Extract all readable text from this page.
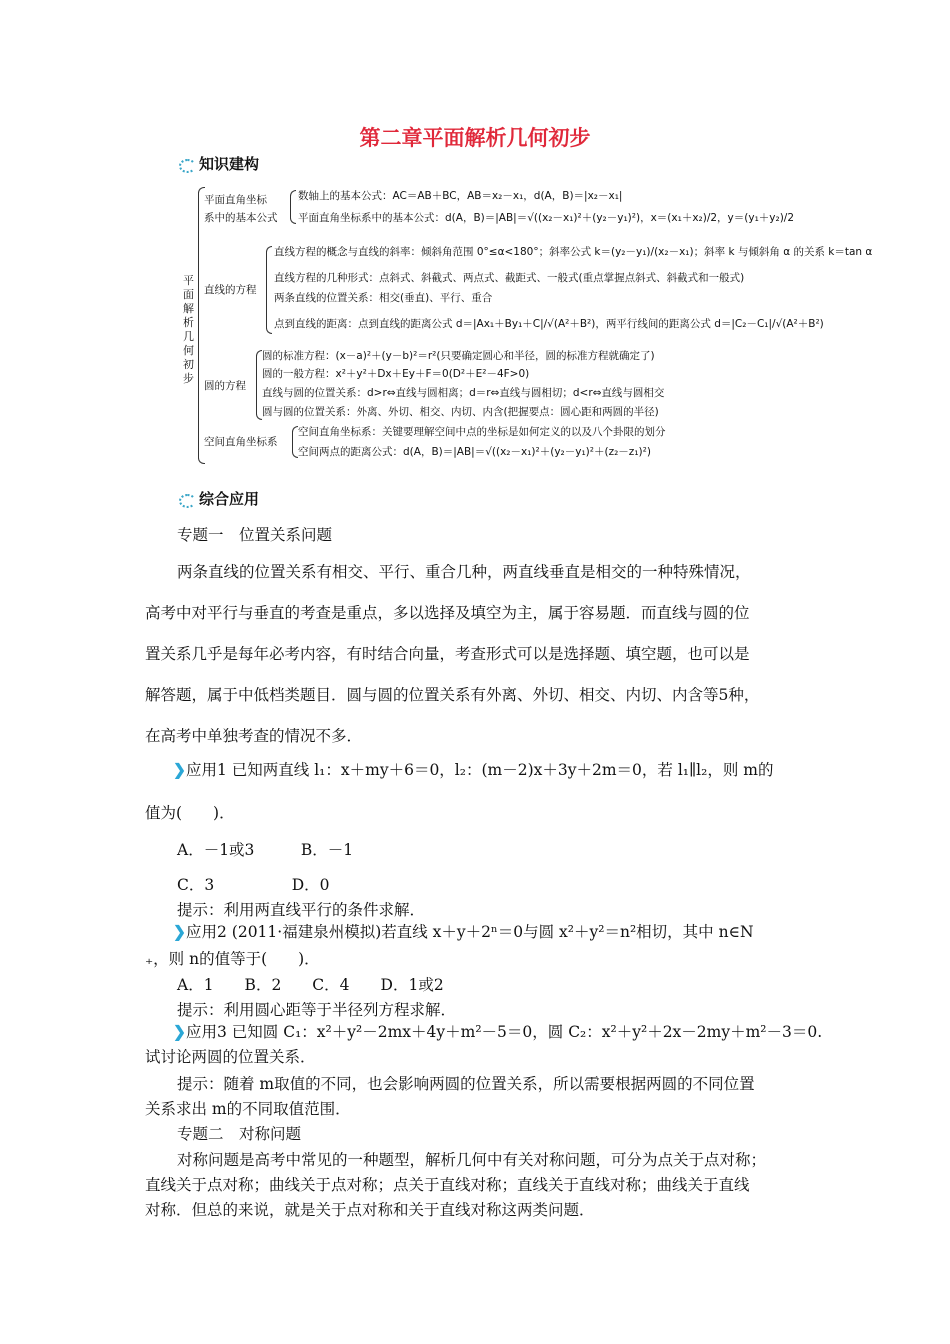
第二章平面解析几何初步
知识建构
平面解析几何初步
平面直角坐标
系中的基本公式
数轴上的基本公式：AC＝AB＋BC，AB＝x₂－x₁，d(A，B)＝|x₂－x₁|
平面直角坐标系中的基本公式：d(A，B)＝|AB|＝√((x₂－x₁)²＋(y₂－y₁)²)，x＝(x₁＋x₂)/2，y＝(y₁＋y₂)/2
直线的方程
直线方程的概念与直线的斜率：倾斜角范围 0°≤α<180°；斜率公式 k＝(y₂－y₁)/(x₂－x₁)；斜率 k 与倾斜角 α 的关系 k＝tan α
直线方程的几种形式：点斜式、斜截式、两点式、截距式、一般式(重点掌握点斜式、斜截式和一般式)
两条直线的位置关系：相交(垂直)、平行、重合
点到直线的距离：点到直线的距离公式 d＝|Ax₁＋By₁＋C|/√(A²＋B²)，两平行线间的距离公式 d＝|C₂－C₁|/√(A²＋B²)
圆的方程
圆的标准方程：(x－a)²＋(y－b)²＝r²(只要确定圆心和半径，圆的标准方程就确定了)
圆的一般方程：x²＋y²＋Dx＋Ey＋F＝0(D²＋E²－4F>0)
直线与圆的位置关系：d>r⇔直线与圆相离；d＝r⇔直线与圆相切；d<r⇔直线与圆相交
圆与圆的位置关系：外离、外切、相交、内切、内含(把握要点：圆心距和两圆的半径)
空间直角坐标系
空间直角坐标系：关键要理解空间中点的坐标是如何定义的以及八个卦限的划分
空间两点的距离公式：d(A，B)＝|AB|＝√((x₂－x₁)²＋(y₂－y₁)²＋(z₂－z₁)²)
综合应用
专题一　位置关系问题
两条直线的位置关系有相交、平行、重合几种，两直线垂直是相交的一种特殊情况，
高考中对平行与垂直的考查是重点，多以选择及填空为主，属于容易题．而直线与圆的位
置关系几乎是每年必考内容，有时结合向量，考查形式可以是选择题、填空题，也可以是
解答题，属于中低档类题目．圆与圆的位置关系有外离、外切、相交、内切、内含等5种，
在高考中单独考查的情况不多．
❯应用1 已知两直线 l₁：x＋my＋6＝0，l₂：(m－2)x＋3y＋2m＝0，若 l₁∥l₂，则 m的
值为(　　)．
A．－1或3　　　B．－1
C．3　　　　　D．0
提示：利用两直线平行的条件求解．
❯应用2 (2011·福建泉州模拟)若直线 x＋y＋2ⁿ＝0与圆 x²＋y²＝n²相切，其中 n∈N
₊，则 n的值等于(　　)．
A．1　　B．2　　C．4　　D．1或2
提示：利用圆心距等于半径列方程求解．
❯应用3 已知圆 C₁：x²＋y²－2mx＋4y＋m²－5＝0，圆 C₂：x²＋y²＋2x－2my＋m²－3＝0.
试讨论两圆的位置关系．
提示：随着 m取值的不同，也会影响两圆的位置关系，所以需要根据两圆的不同位置
关系求出 m的不同取值范围．
专题二　对称问题
对称问题是高考中常见的一种题型，解析几何中有关对称问题，可分为点关于点对称；
直线关于点对称；曲线关于点对称；点关于直线对称；直线关于直线对称；曲线关于直线
对称．但总的来说，就是关于点对称和关于直线对称这两类问题．
